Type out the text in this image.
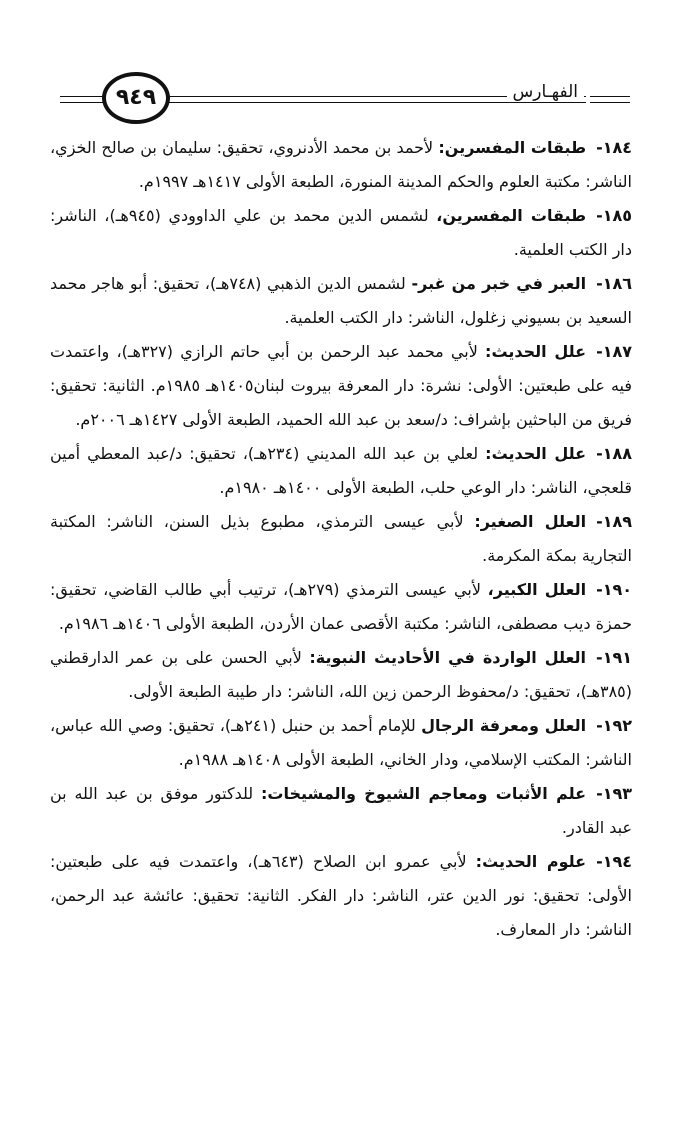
٩٤٩	الفهـارس

١٨٤-طبقات المفسرين: لأحمد بن محمد الأدنروي، تحقيق: سليمان بن صالح الخزي، الناشر: مكتبة العلوم والحكم المدينة المنورة، الطبعة الأولى ١٤١٧هـ ١٩٩٧م.

١٨٥-طبقات المفسرين، لشمس الدين محمد بن علي الداوودي (٩٤٥هـ)، الناشر: دار الكتب العلمية.

١٨٦-العبر في خبر من غبر- لشمس الدين الذهبي (٧٤٨هـ)، تحقيق: أبو هاجر محمد السعيد بن بسيوني زغلول، الناشر: دار الكتب العلمية.

١٨٧-علل الحديث: لأبي محمد عبد الرحمن بن أبي حاتم الرازي (٣٢٧هـ)، واعتمدت فيه على طبعتين: الأولى: نشرة: دار المعرفة بيروت لبنان١٤٠٥هـ ١٩٨٥م. الثانية: تحقيق: فريق من الباحثين بإشراف: د/سعد بن عبد الله الحميد، الطبعة الأولى ١٤٢٧هـ ٢٠٠٦م.

١٨٨-علل الحديث: لعلي بن عبد الله المديني (٢٣٤هـ)، تحقيق: د/عبد المعطي أمين قلعجي، الناشر: دار الوعي حلب، الطبعة الأولى ١٤٠٠هـ ١٩٨٠م.

١٨٩-العلل الصغير: لأبي عيسى الترمذي، مطبوع بذيل السنن، الناشر: المكتبة التجارية بمكة المكرمة.

١٩٠-العلل الكبير، لأبي عيسى الترمذي (٢٧٩هـ)، ترتيب أبي طالب القاضي، تحقيق: حمزة ديب مصطفى، الناشر: مكتبة الأقصى عمان الأردن، الطبعة الأولى ١٤٠٦هـ ١٩٨٦م.

١٩١-العلل الواردة في الأحاديث النبوية: لأبي الحسن على بن عمر الدارقطني (٣٨٥هـ)، تحقيق: د/محفوظ الرحمن زين الله، الناشر: دار طيبة الطبعة الأولى.

١٩٢-العلل ومعرفة الرجال للإمام أحمد بن حنبل (٢٤١هـ)، تحقيق: وصي الله عباس، الناشر: المكتب الإسلامي، ودار الخاني، الطبعة الأولى ١٤٠٨هـ ١٩٨٨م.

١٩٣-علم الأثبات ومعاجم الشيوخ والمشيخات: للدكتور موفق بن عبد الله بن عبد القادر.

١٩٤-علوم الحديث: لأبي عمرو ابن الصلاح (٦٤٣هـ)، واعتمدت فيه على طبعتين: الأولى: تحقيق: نور الدين عتر، الناشر: دار الفكر. الثانية: تحقيق: عائشة عبد الرحمن، الناشر: دار المعارف.
